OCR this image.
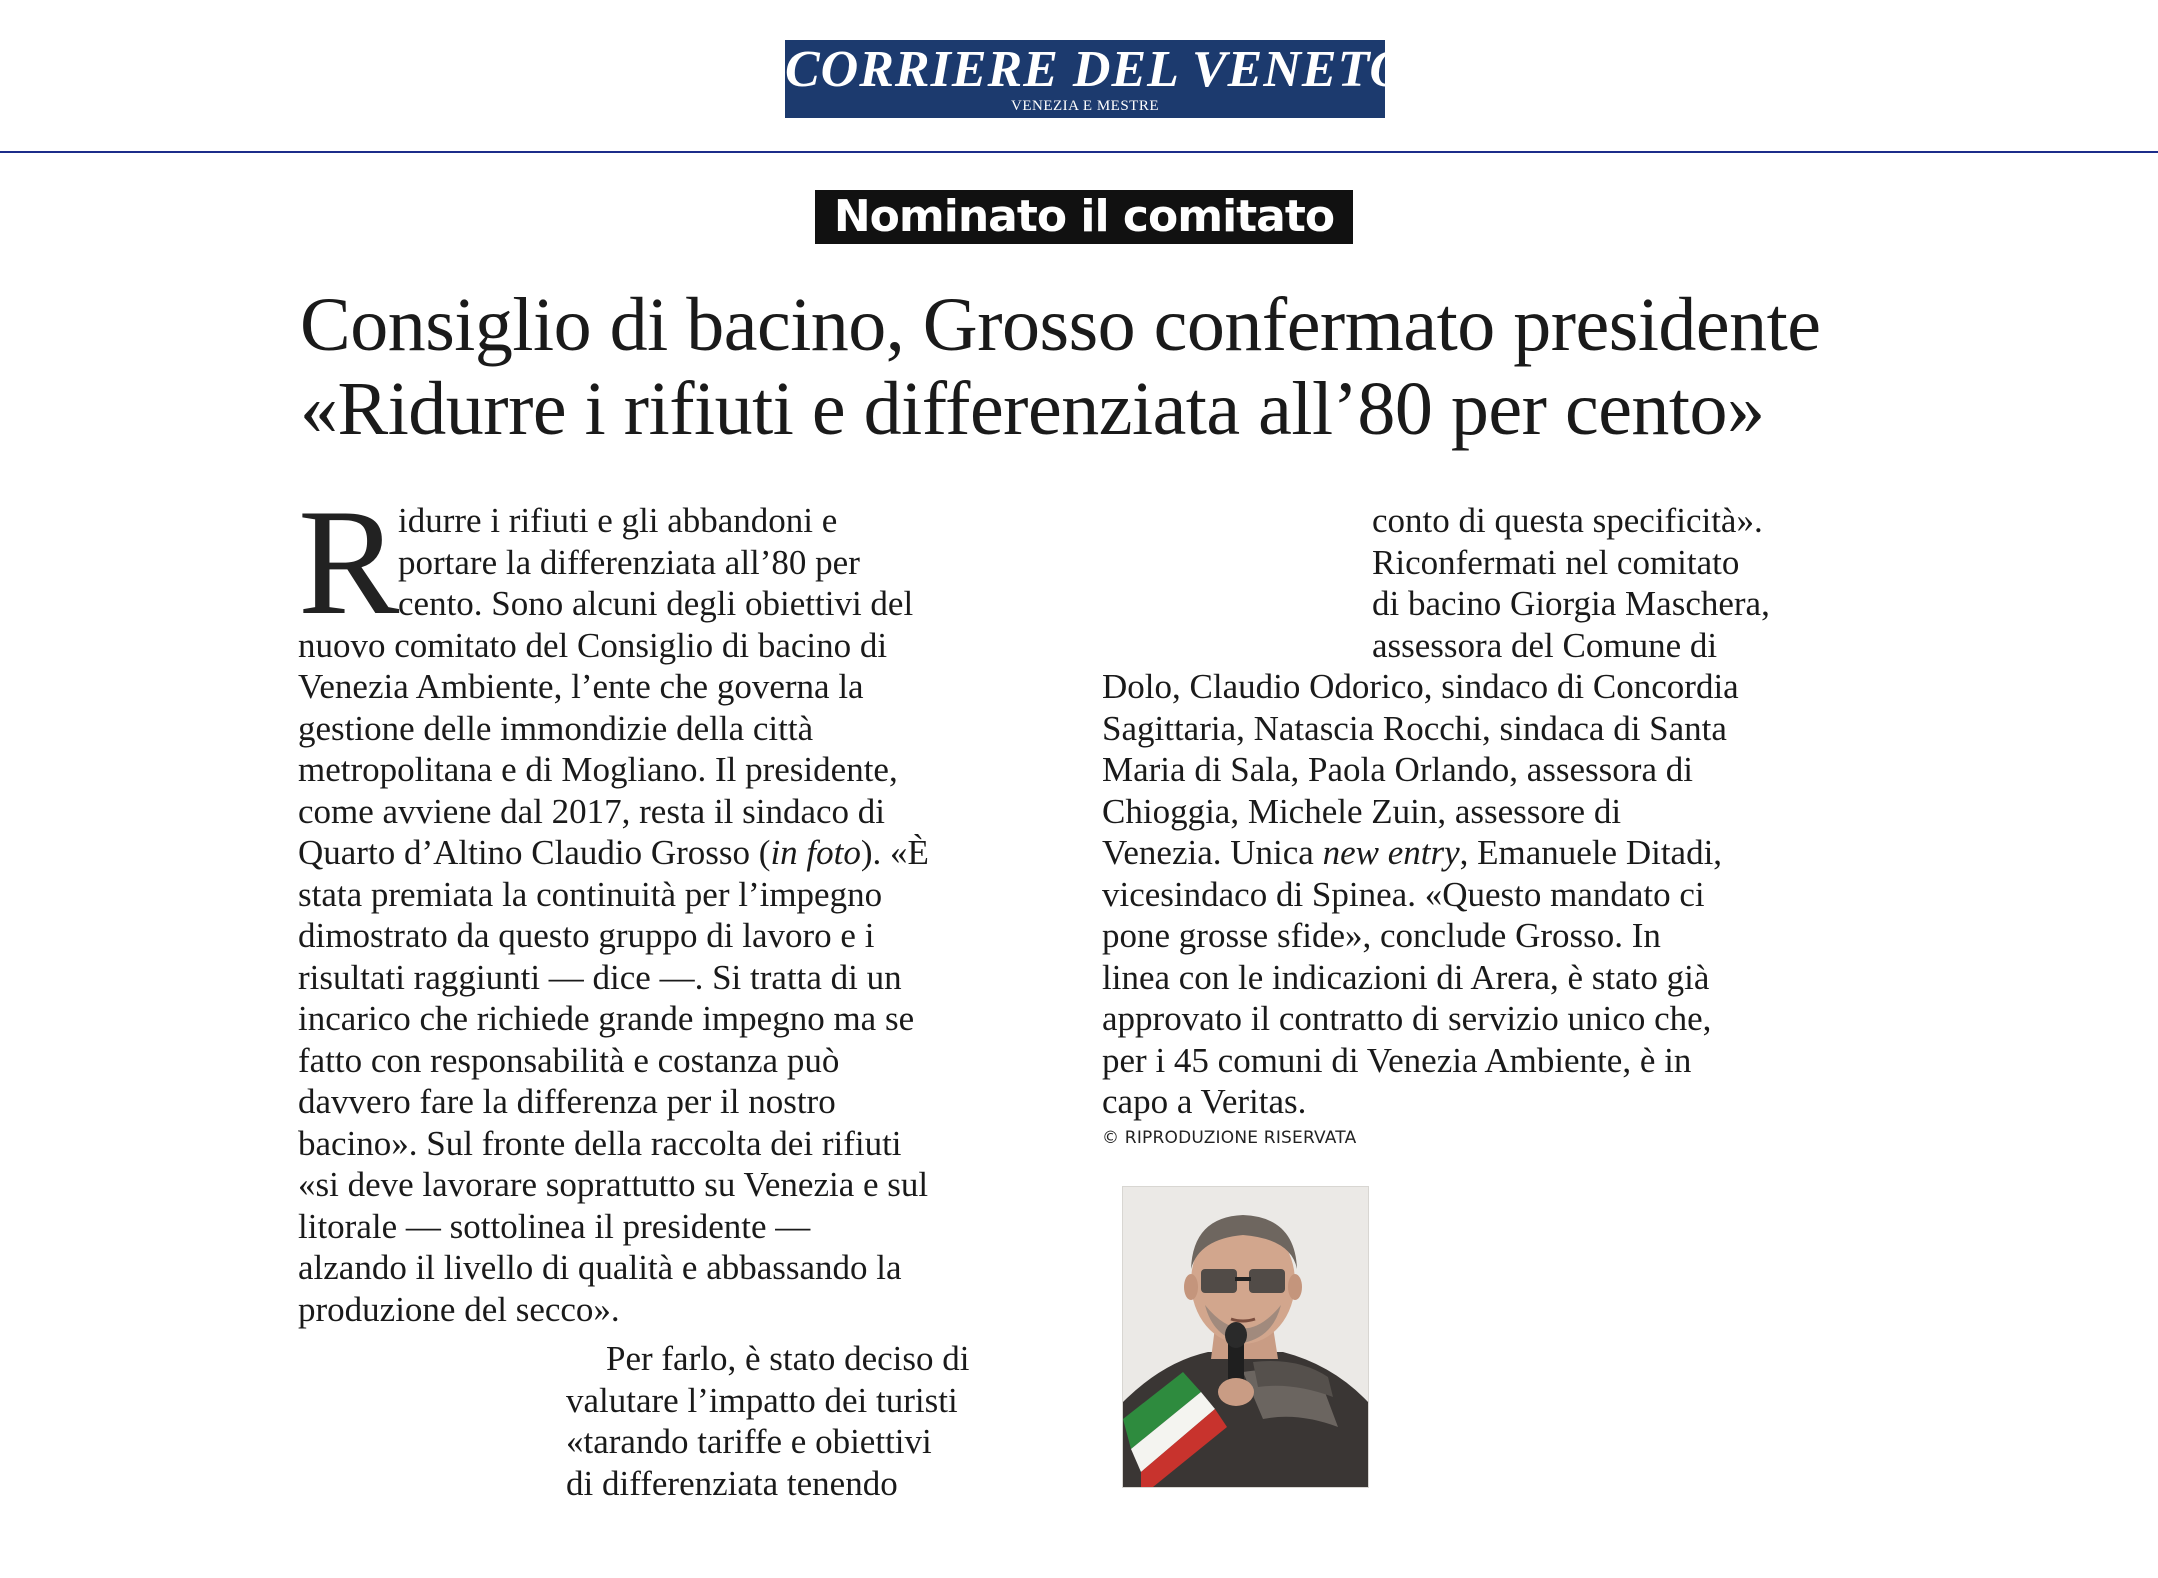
CORRIERE DEL VENETO
VENEZIA E MESTRE
Nominato il comitato
Consiglio di bacino, Grosso confermato presidente
«Ridurre i rifiuti e differenziata all’80 per cento»
R
idurre i rifiuti e gli abbandoni e
portare la differenziata all’80 per
cento. Sono alcuni degli obiettivi del
nuovo comitato del Consiglio di bacino di
Venezia Ambiente, l’ente che governa la
gestione delle immondizie della città
metropolitana e di Mogliano. Il presidente,
come avviene dal 2017, resta il sindaco di
Quarto d’Altino Claudio Grosso (in foto). «È
stata premiata la continuità per l’impegno
dimostrato da questo gruppo di lavoro e i
risultati raggiunti — dice —. Si tratta di un
incarico che richiede grande impegno ma se
fatto con responsabilità e costanza può
davvero fare la differenza per il nostro
bacino». Sul fronte della raccolta dei rifiuti
«si deve lavorare soprattutto su Venezia e sul
litorale — sottolinea il presidente —
alzando il livello di qualità e abbassando la
produzione del secco».
Per farlo, è stato deciso di
valutare l’impatto dei turisti
«tarando tariffe e obiettivi
di differenziata tenendo
conto di questa specificità».
Riconfermati nel comitato
di bacino Giorgia Maschera,
assessora del Comune di
Dolo, Claudio Odorico, sindaco di Concordia
Sagittaria, Natascia Rocchi, sindaca di Santa
Maria di Sala, Paola Orlando, assessora di
Chioggia, Michele Zuin, assessore di
Venezia. Unica new entry, Emanuele Ditadi,
vicesindaco di Spinea. «Questo mandato ci
pone grosse sfide», conclude Grosso. In
linea con le indicazioni di Arera, è stato già
approvato il contratto di servizio unico che,
per i 45 comuni di Venezia Ambiente, è in
capo a Veritas.
© RIPRODUZIONE RISERVATA
